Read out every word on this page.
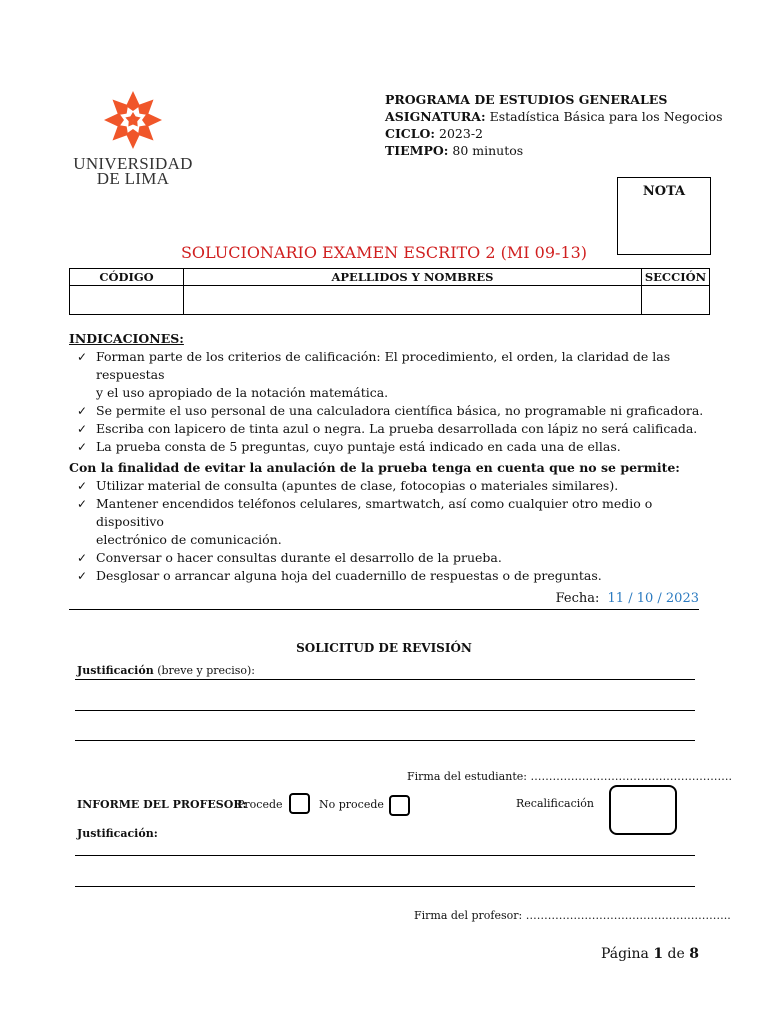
UNIVERSIDAD
DE LIMA
PROGRAMA DE ESTUDIOS GENERALES
ASIGNATURA: Estadística Básica para los Negocios
CICLO: 2023-2
TIEMPO: 80 minutos
NOTA
SOLUCIONARIO EXAMEN ESCRITO 2 (MI 09-13)
CÓDIGO	APELLIDOS Y NOMBRES	SECCIÓN

INDICACIONES:
✓ Forman parte de los criterios de calificación: El procedimiento, el orden, la claridad de las respuestas
y el uso apropiado de la notación matemática.
✓ Se permite el uso personal de una calculadora científica básica, no programable ni graficadora.
✓ Escriba con lapicero de tinta azul o negra. La prueba desarrollada con lápiz no será calificada.
✓ La prueba consta de 5 preguntas, cuyo puntaje está indicado en cada una de ellas.
Con la finalidad de evitar la anulación de la prueba tenga en cuenta que no se permite:
✓ Utilizar material de consulta (apuntes de clase, fotocopias o materiales similares).
✓ Mantener encendidos teléfonos celulares, smartwatch, así como cualquier otro medio o dispositivo
electrónico de comunicación.
✓ Conversar o hacer consultas durante el desarrollo de la prueba.
✓ Desglosar o arrancar alguna hoja del cuadernillo de respuestas o de preguntas.
Fecha: 11 / 10 / 2023
SOLICITUD DE REVISIÓN
Justificación (breve y preciso):
Firma del estudiante: ……………………………………………….
INFORME DEL PROFESOR:
Procede	No procede	Recalificación
Justificación:
Firma del profesor: ………………………………………………..
Página 1 de 8
